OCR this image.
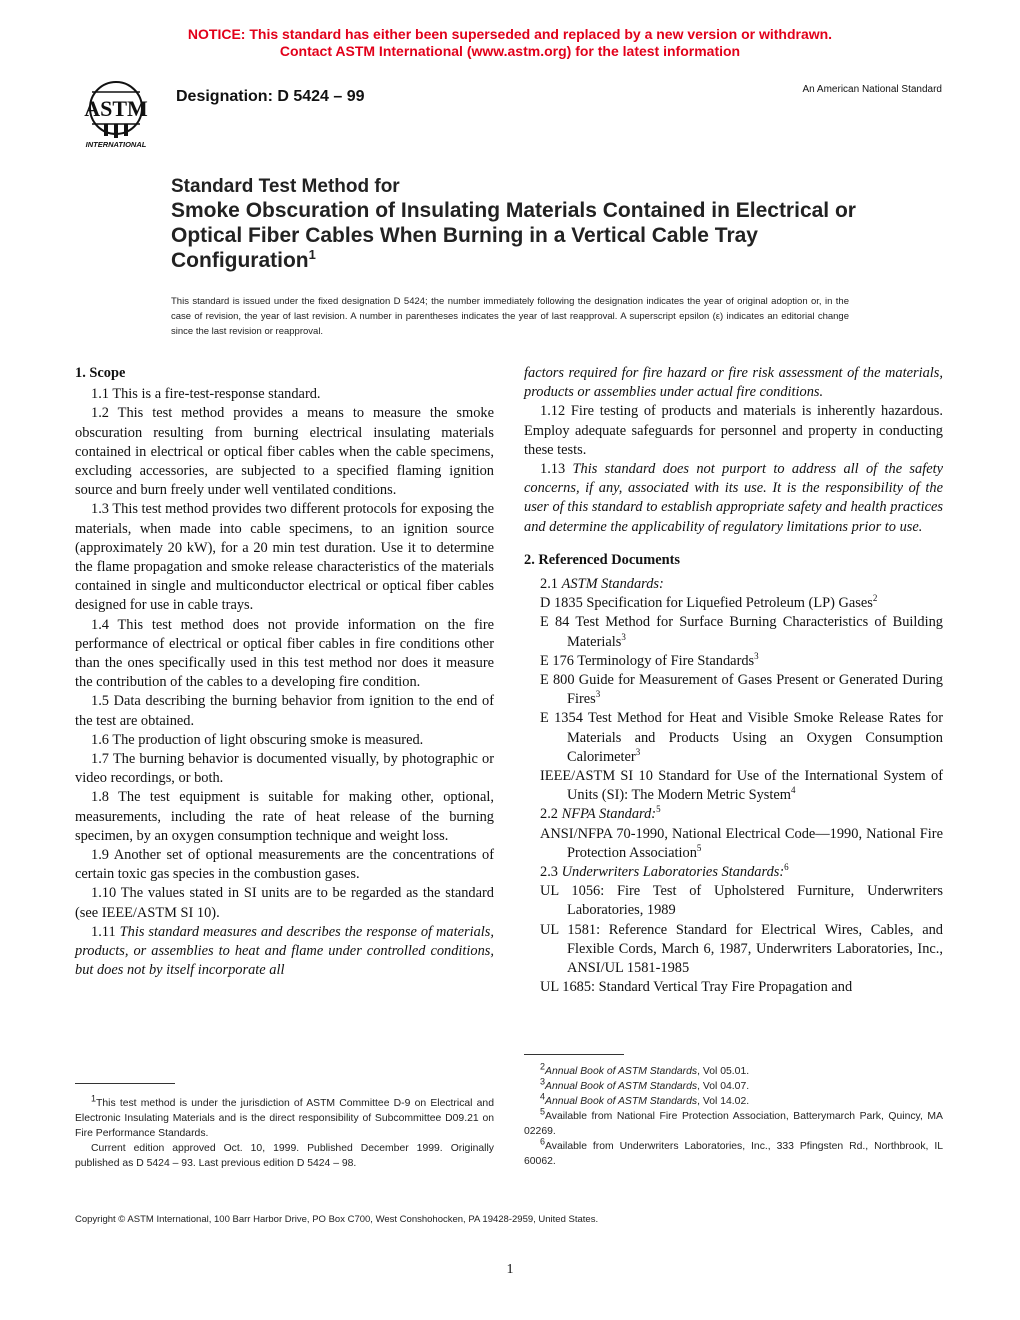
NOTICE: This standard has either been superseded and replaced by a new version or withdrawn.
Contact ASTM International (www.astm.org) for the latest information
ASTM
INTERNATIONAL
Designation: D 5424 – 99	An American National Standard
Standard Test Method for
Smoke Obscuration of Insulating Materials Contained in Electrical or Optical Fiber Cables When Burning in a Vertical Cable Tray Configuration$^1$
This standard is issued under the fixed designation D 5424; the number immediately following the designation indicates the year of original adoption or, in the case of revision, the year of last revision. A number in parentheses indicates the year of last reapproval. A superscript epsilon (ε) indicates an editorial change since the last revision or reapproval.

1. Scope

1.1 This is a fire-test-response standard.

1.2 This test method provides a means to measure the smoke obscuration resulting from burning electrical insulating materials contained in electrical or optical fiber cables when the cable specimens, excluding accessories, are subjected to a specified flaming ignition source and burn freely under well ventilated conditions.

1.3 This test method provides two different protocols for exposing the materials, when made into cable specimens, to an ignition source (approximately 20 kW), for a 20 min test duration. Use it to determine the flame propagation and smoke release characteristics of the materials contained in single and multiconductor electrical or optical fiber cables designed for use in cable trays.

1.4 This test method does not provide information on the fire performance of electrical or optical fiber cables in fire conditions other than the ones specifically used in this test method nor does it measure the contribution of the cables to a developing fire condition.

1.5 Data describing the burning behavior from ignition to the end of the test are obtained.

1.6 The production of light obscuring smoke is measured.

1.7 The burning behavior is documented visually, by photographic or video recordings, or both.

1.8 The test equipment is suitable for making other, optional, measurements, including the rate of heat release of the burning specimen, by an oxygen consumption technique and weight loss.

1.9 Another set of optional measurements are the concentrations of certain toxic gas species in the combustion gases.

1.10 The values stated in SI units are to be regarded as the standard (see IEEE/ASTM SI 10).

1.11 This standard measures and describes the response of materials, products, or assemblies to heat and flame under controlled conditions, but does not by itself incorporate all

$^1$This test method is under the jurisdiction of ASTM Committee D-9 on Electrical and Electronic Insulating Materials and is the direct responsibility of Subcommittee D09.21 on Fire Performance Standards.

Current edition approved Oct. 10, 1999. Published December 1999. Originally published as D 5424 – 93. Last previous edition D 5424 – 98.

factors required for fire hazard or fire risk assessment of the materials, products or assemblies under actual fire conditions.

1.12 Fire testing of products and materials is inherently hazardous. Employ adequate safeguards for personnel and property in conducting these tests.

1.13 This standard does not purport to address all of the safety concerns, if any, associated with its use. It is the responsibility of the user of this standard to establish appropriate safety and health practices and determine the applicability of regulatory limitations prior to use.

2. Referenced Documents

2.1 ASTM Standards:

D 1835 Specification for Liquefied Petroleum (LP) Gases$^2$

E 84 Test Method for Surface Burning Characteristics of Building Materials$^3$

E 176 Terminology of Fire Standards$^3$

E 800 Guide for Measurement of Gases Present or Generated During Fires$^3$

E 1354 Test Method for Heat and Visible Smoke Release Rates for Materials and Products Using an Oxygen Consumption Calorimeter$^3$

IEEE/ASTM SI 10 Standard for Use of the International System of Units (SI): The Modern Metric System$^4$

2.2 NFPA Standard:$^5$

ANSI/NFPA 70-1990, National Electrical Code—1990, National Fire Protection Association$^5$

2.3 Underwriters Laboratories Standards:$^6$

UL 1056: Fire Test of Upholstered Furniture, Underwriters Laboratories, 1989

UL 1581: Reference Standard for Electrical Wires, Cables, and Flexible Cords, March 6, 1987, Underwriters Laboratories, Inc., ANSI/UL 1581-1985

UL 1685: Standard Vertical Tray Fire Propagation and

$^2$Annual Book of ASTM Standards, Vol 05.01.

$^3$Annual Book of ASTM Standards, Vol 04.07.

$^4$Annual Book of ASTM Standards, Vol 14.02.

$^5$Available from National Fire Protection Association, Batterymarch Park, Quincy, MA 02269.

$^6$Available from Underwriters Laboratories, Inc., 333 Pfingsten Rd., Northbrook, IL 60062.

Copyright © ASTM International, 100 Barr Harbor Drive, PO Box C700, West Conshohocken, PA 19428-2959, United States.
1
